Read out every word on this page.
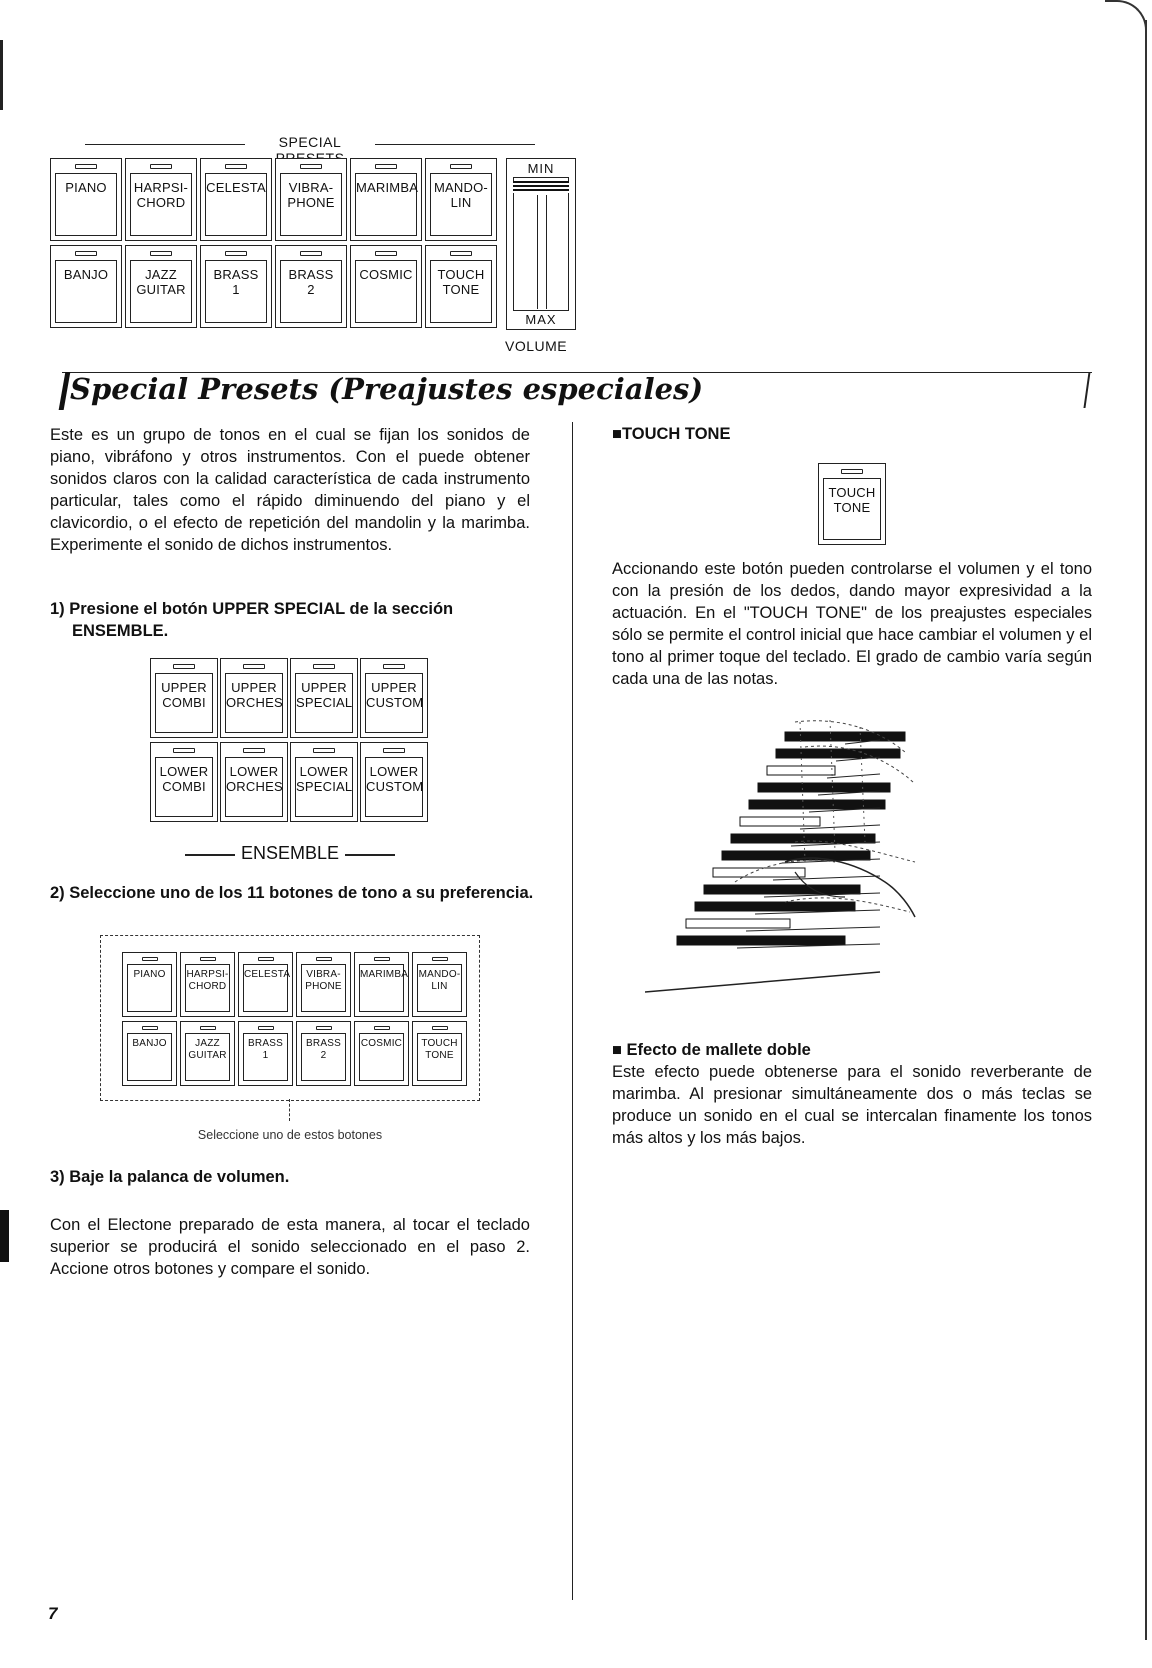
SPECIAL
PIANO	HARPSI-
CHORD
CELESTA	VIBRA-
PHONE
MARIMBA	MANDO-
LIN
BANJO	JAZZ
GUITAR
BRASS
1
BRASS
2
COSMIC	TOUCH
TONE
MIN
MAX
VOLUME
Special Presets (Preajustes especiales)
Este es un grupo de tonos en el cual se fijan los sonidos de piano, vibráfono y otros instrumentos. Con el puede obtener sonidos claros con la calidad característica de cada instrumento particular, tales como el rápido diminuendo del piano y el clavicordio, o el efecto de repetición del mandolin y la marimba. Experimente el sonido de dichos instrumentos.
1) Presione el botón UPPER SPECIAL de la sección ENSEMBLE.
UPPER
COMBI
UPPER
ORCHES
UPPER
SPECIAL
UPPER
CUSTOM
LOWER
COMBI
LOWER
ORCHES
LOWER
SPECIAL
LOWER
CUSTOM
ENSEMBLE
2) Seleccione uno de los 11 botones de tono a su preferencia.
PIANO	HARPSI-
CHORD
CELESTA	VIBRA-
PHONE
MARIMBA MANDO-
LIN
BANJO	JAZZ
GUITAR
BRASS
1
BRASS
2
COSMIC	TOUCH
TONE
Seleccione uno de estos botones
3) Baje la palanca de volumen.
Con el Electone preparado de esta manera, al tocar el teclado superior se producirá el sonido seleccionado en el paso 2. Accione otros botones y compare el sonido.
7
■TOUCH TONE
TOUCH
TONE
Accionando este botón pueden controlarse el volumen y el tono con la presión de los dedos, dando mayor expresividad a la actuación. En el "TOUCH TONE" de los preajustes especiales sólo se permite el control inicial que hace cambiar el volumen y el tono al primer toque del teclado. El grado de cambio varía según cada una de las notas.
■ Efecto de mallete doble
Este efecto puede obtenerse para el sonido reverberante de marimba. Al presionar simultáneamente dos o más teclas se produce un sonido en el cual se intercalan finamente los tonos más altos y los más bajos.
